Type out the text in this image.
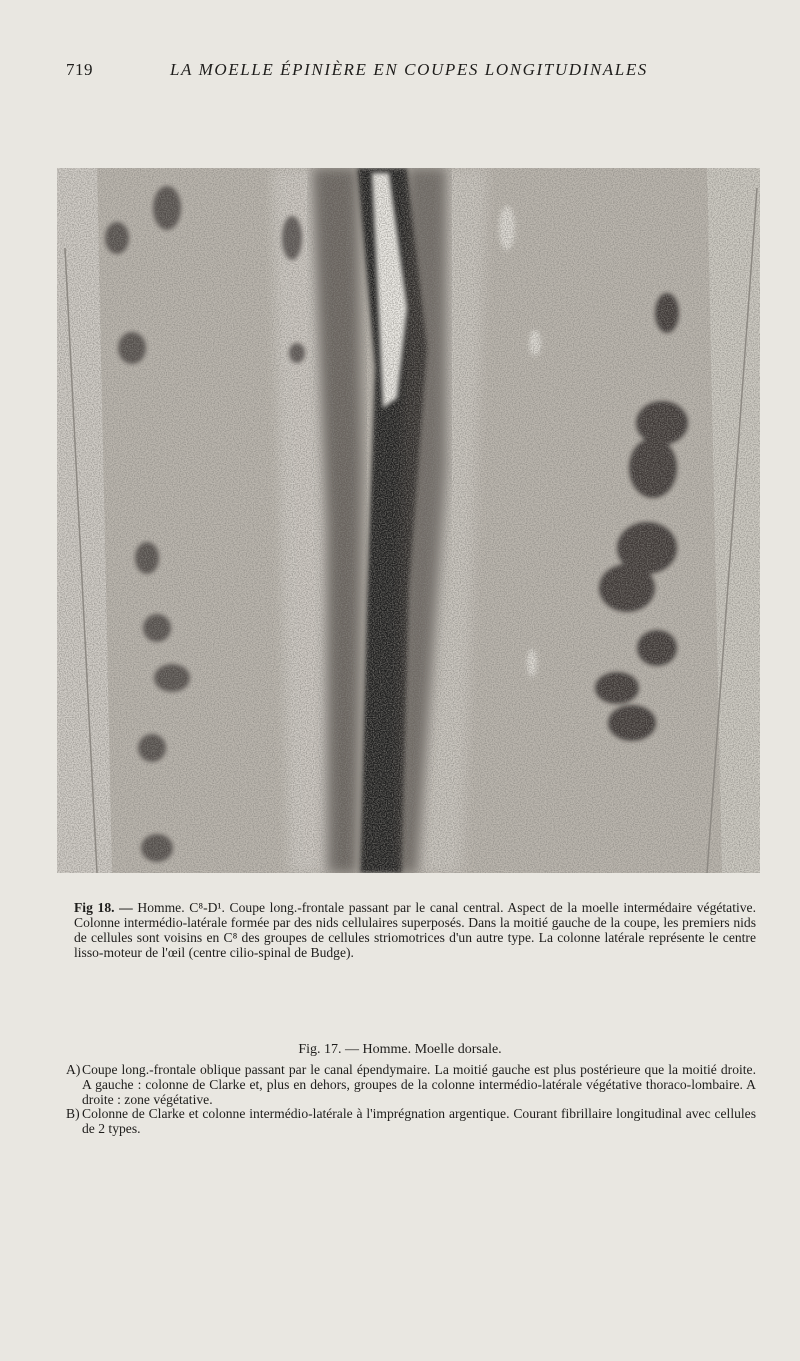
719	LA MOELLE ÉPINIÈRE EN COUPES LONGITUDINALES
Fig 18. — Homme. C⁸-D¹. Coupe long.-frontale passant par le canal central. Aspect de la moelle intermédaire végétative. Colonne intermédio-latérale formée par des nids cellulaires superposés. Dans la moitié gauche de la coupe, les premiers nids de cellules sont voisins en C⁸ des groupes de cellules striomotrices d'un autre type. La colonne latérale représente le centre lisso-moteur de l'œil (centre cilio-spinal de Budge).
Fig. 17. — Homme. Moelle dorsale.
A) Coupe long.-frontale oblique passant par le canal épendymaire. La moitié gauche est plus postérieure que la moitié droite. A gauche : colonne de Clarke et, plus en dehors, groupes de la colonne intermédio-latérale végétative thoraco-lombaire. A droite : zone végétative.
B) Colonne de Clarke et colonne intermédio-latérale à l'imprégnation argentique. Courant fibrillaire longitudinal avec cellules de 2 types.
